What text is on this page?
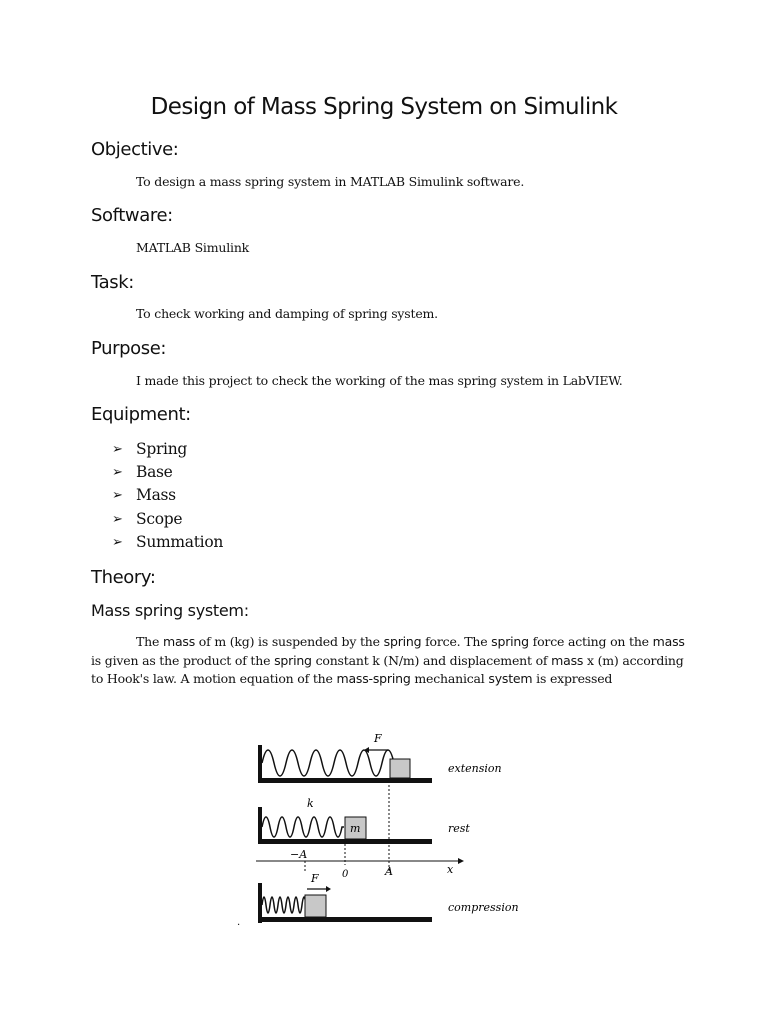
Design of Mass Spring System on Simulink
Objective:
To design a mass spring system in MATLAB Simulink software.
Software:
MATLAB Simulink
Task:
To check working and damping of spring system.
Purpose:
I made this project to check the working of the mas spring system in LabVIEW.
Equipment:
➢ Spring
➢ Base
➢ Mass
➢ Scope
➢ Summation
Theory:
Mass spring system:
The mass of m (kg) is suspended by the spring force. The spring force acting on the mass is given as the product of the spring constant k (N/m) and displacement of mass x (m) according to Hook's law. A motion equation of the mass-spring mechanical system is expressed
F
extension
m
k
rest
−A
0	A	x
F
compression
.
